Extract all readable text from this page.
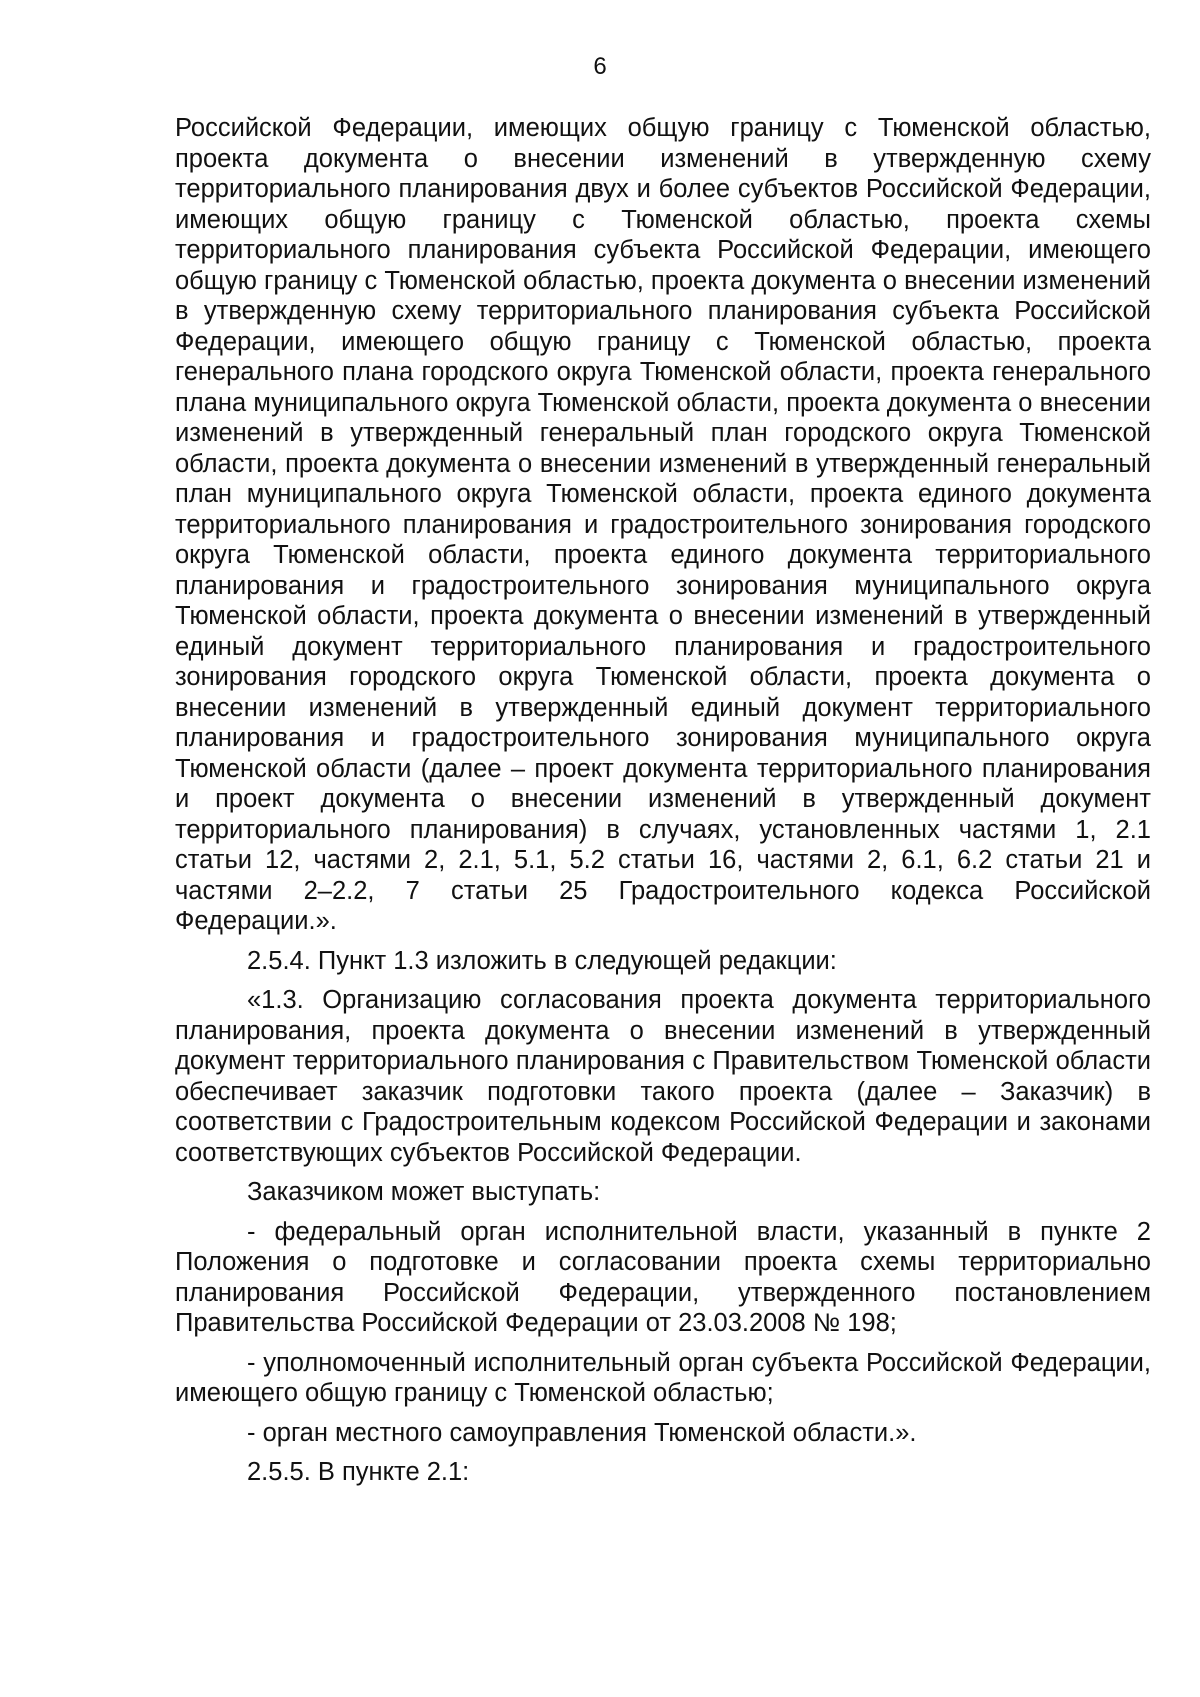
6

Российской Федерации, имеющих общую границу с Тюменской областью, проекта документа о внесении изменений в утвержденную схему территориального планирования двух и более субъектов Российской Федерации, имеющих общую границу с Тюменской областью, проекта схемы территориального планирования субъекта Российской Федерации, имеющего общую границу с Тюменской областью, проекта документа о внесении изменений в утвержденную схему территориального планирования субъекта Российской Федерации, имеющего общую границу с Тюменской областью, проекта генерального плана городского округа Тюменской области, проекта генерального плана муниципального округа Тюменской области, проекта документа о внесении изменений в утвержденный генеральный план городского округа Тюменской области, проекта документа о внесении изменений в утвержденный генеральный план муниципального округа Тюменской области, проекта единого документа территориального планирования и градостроительного зонирования городского округа Тюменской области, проекта единого документа территориального планирования и градостроительного зонирования муниципального округа Тюменской области, проекта документа о внесении изменений в утвержденный единый документ территориального планирования и градостроительного зонирования городского округа Тюменской области, проекта документа о внесении изменений в утвержденный единый документ территориального планирования и градостроительного зонирования муниципального округа Тюменской области (далее – проект документа территориального планирования и проект документа о внесении изменений в утвержденный документ территориального планирования) в случаях, установленных частями 1, 2.1 статьи 12, частями 2, 2.1, 5.1, 5.2 статьи 16, частями 2, 6.1, 6.2 статьи 21 и частями 2–2.2, 7 статьи 25 Градостроительного кодекса Российской Федерации.».

2.5.4. Пункт 1.3 изложить в следующей редакции:

«1.3. Организацию согласования проекта документа территориального планирования, проекта документа о внесении изменений в утвержденный документ территориального планирования с Правительством Тюменской области обеспечивает заказчик подготовки такого проекта (далее – Заказчик) в соответствии с Градостроительным кодексом Российской Федерации и законами соответствующих субъектов Российской Федерации.

Заказчиком может выступать:

- федеральный орган исполнительной власти, указанный в пункте 2 Положения о подготовке и согласовании проекта схемы территориально планирования Российской Федерации, утвержденного постановлением Правительства Российской Федерации от 23.03.2008 № 198;

- уполномоченный исполнительный орган субъекта Российской Федерации, имеющего общую границу с Тюменской областью;

- орган местного самоуправления Тюменской области.».

2.5.5. В пункте 2.1:
